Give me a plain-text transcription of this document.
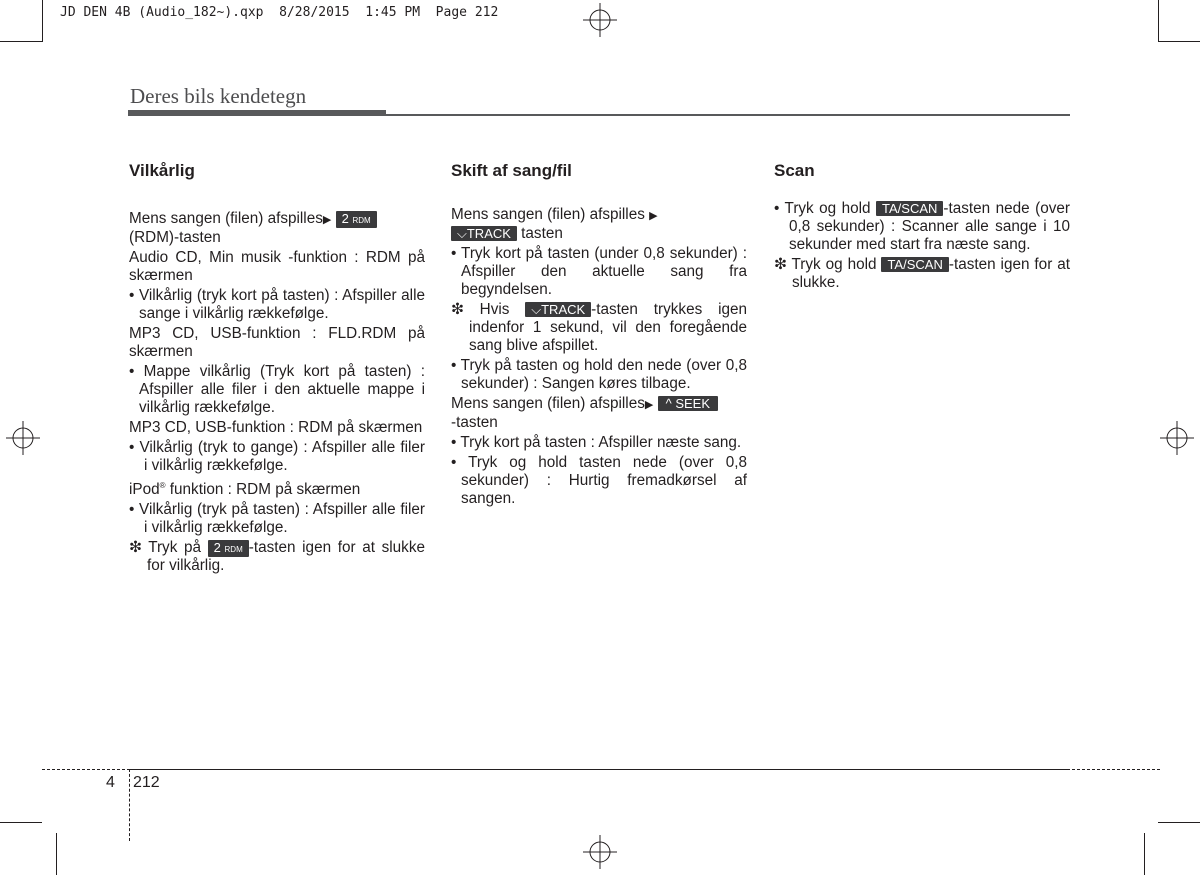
JD DEN 4B (Audio_182~).qxp  8/28/2015  1:45 PM  Page 212
Deres bils kendetegn
Vilkårlig

Mens sangen (filen) afspilles▶ 2 RDM
(RDM)-tasten

Audio CD, Min musik -funktion : RDM på skærmen

• Vilkårlig (tryk kort på tasten) : Afspiller alle sange i vilkårlig rækkefølge.

MP3 CD, USB-funktion : FLD.RDM på skærmen

• Mappe vilkårlig (Tryk kort på tasten) : Afspiller alle filer i den aktuelle mappe i vilkårlig rækkefølge.

MP3 CD, USB-funktion : RDM på skærmen

• Vilkårlig (tryk to gange) : Afspiller alle filer i vilkårlig rækkefølge.

iPod® funktion : RDM på skærmen

• Vilkårlig (tryk på tasten) : Afspiller alle filer i vilkårlig rækkefølge.

❇ Tryk på 2 RDM -tasten igen for at slukke for vilkårlig.

Skift af sang/fil

Mens sangen (filen) afspilles ▶
⌵TRACK tasten

• Tryk kort på tasten (under 0,8 sekunder) : Afspiller den aktuelle sang fra begyndelsen.

❇ Hvis ⌵TRACK -tasten trykkes igen indenfor 1 sekund, vil den foregående sang blive afspillet.

• Tryk på tasten og hold den nede (over 0,8 sekunder) : Sangen køres tilbage.

Mens sangen (filen) afspilles▶ ^ SEEK
-tasten

• Tryk kort på tasten : Afspiller næste sang.

• Tryk og hold tasten nede (over 0,8 sekunder) : Hurtig fremadkørsel af sangen.

Scan

• Tryk og hold TA/SCAN -tasten nede (over 0,8 sekunder) : Scanner alle sange i 10 sekunder med start fra næste sang.

❇ Tryk og hold TA/SCAN -tasten igen for at slukke.

4 212
